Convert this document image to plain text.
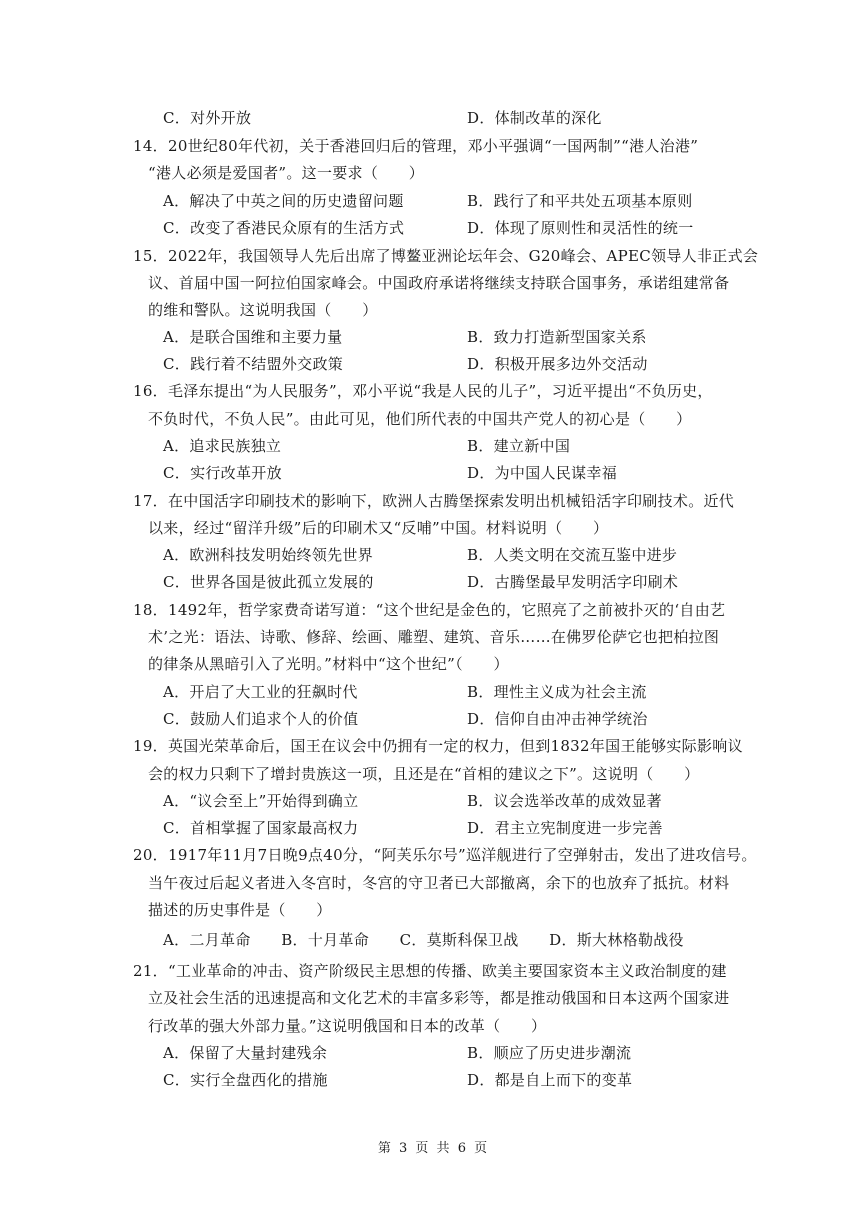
C．对外开放	D．体制改革的深化
14．20世纪80年代初，关于香港回归后的管理，邓小平强调“一国两制”“港人治港”
“港人必须是爱国者”。这一要求（　　）
A．解决了中英之间的历史遗留问题	B．践行了和平共处五项基本原则
C．改变了香港民众原有的生活方式	D．体现了原则性和灵活性的统一
15．2022年，我国领导人先后出席了博鳌亚洲论坛年会、G20峰会、APEC领导人非正式会
议、首届中国一阿拉伯国家峰会。中国政府承诺将继续支持联合国事务，承诺组建常备
的维和警队。这说明我国（　　）
A．是联合国维和主要力量	B．致力打造新型国家关系
C．践行着不结盟外交政策	D．积极开展多边外交活动
16．毛泽东提出“为人民服务”，邓小平说“我是人民的儿子”，习近平提出“不负历史，
不负时代，不负人民”。由此可见，他们所代表的中国共产党人的初心是（　　）
A．追求民族独立	B．建立新中国
C．实行改革开放	D．为中国人民谋幸福
17．在中国活字印刷技术的影响下，欧洲人古腾堡探索发明出机械铅活字印刷技术。近代
以来，经过“留洋升级”后的印刷术又“反哺”中国。材料说明（　　）
A．欧洲科技发明始终领先世界	B．人类文明在交流互鉴中进步
C．世界各国是彼此孤立发展的	D．古腾堡最早发明活字印刷术
18．1492年，哲学家费奇诺写道：“这个世纪是金色的，它照亮了之前被扑灭的‘自由艺
术’之光：语法、诗歌、修辞、绘画、雕塑、建筑、音乐……在佛罗伦萨它也把柏拉图
的律条从黑暗引入了光明。”材料中“这个世纪”（　　）
A．开启了大工业的狂飙时代	B．理性主义成为社会主流
C．鼓励人们追求个人的价值	D．信仰自由冲击神学统治
19．英国光荣革命后，国王在议会中仍拥有一定的权力，但到1832年国王能够实际影响议
会的权力只剩下了增封贵族这一项，且还是在“首相的建议之下”。这说明（　　）
A．“议会至上”开始得到确立	B．议会选举改革的成效显著
C．首相掌握了国家最高权力	D．君主立宪制度进一步完善
20．1917年11月7日晚9点40分，“阿芙乐尔号”巡洋舰进行了空弹射击，发出了进攻信号。
当午夜过后起义者进入冬宫时，冬宫的守卫者已大部撤离，余下的也放弃了抵抗。材料
描述的历史事件是（　　）
A．二月革命　　B．十月革命　　C．莫斯科保卫战　　D．斯大林格勒战役
21．“工业革命的冲击、资产阶级民主思想的传播、欧美主要国家资本主义政治制度的建
立及社会生活的迅速提高和文化艺术的丰富多彩等，都是推动俄国和日本这两个国家进
行改革的强大外部力量。”这说明俄国和日本的改革（　　）
A．保留了大量封建残余	B．顺应了历史进步潮流
C．实行全盘西化的措施	D．都是自上而下的变革
第 3 页 共 6 页
